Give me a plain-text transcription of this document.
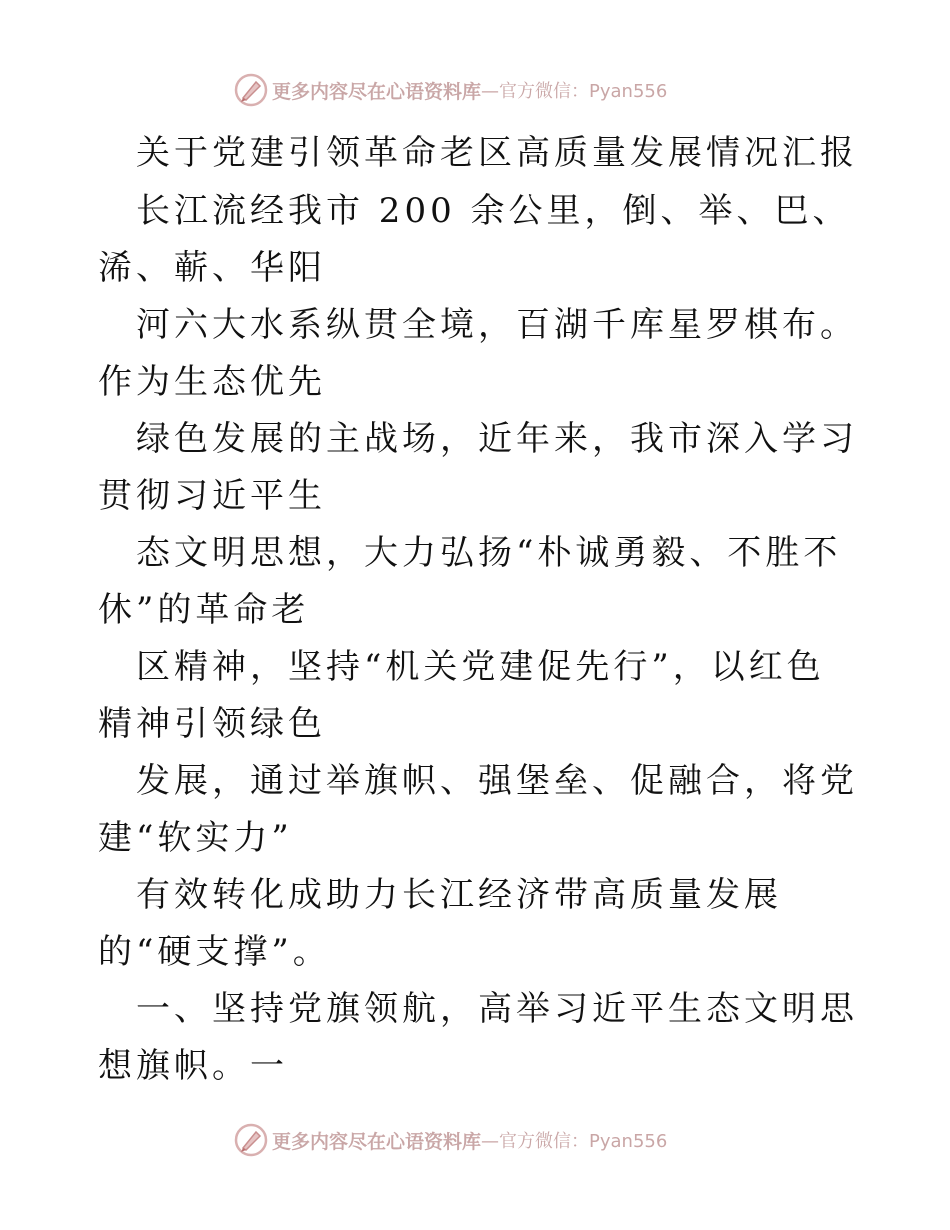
更多内容尽在心语资料库 —官方微信：Pyan556

关于党建引领革命老区高质量发展情况汇报

长江流经我市 200 余公里，倒、举、巴、浠、蕲、华阳

河六大水系纵贯全境，百湖千库星罗棋布。作为生态优先

绿色发展的主战场，近年来，我市深入学习贯彻习近平生

态文明思想，大力弘扬“朴诚勇毅、不胜不休”的革命老

区精神，坚持“机关党建促先行”，以红色精神引领绿色

发展，通过举旗帜、强堡垒、促融合，将党建“软实力”

有效转化成助力长江经济带高质量发展的“硬支撑”。

一、坚持党旗领航，高举习近平生态文明思想旗帜。一

更多内容尽在心语资料库 —官方微信：Pyan556
